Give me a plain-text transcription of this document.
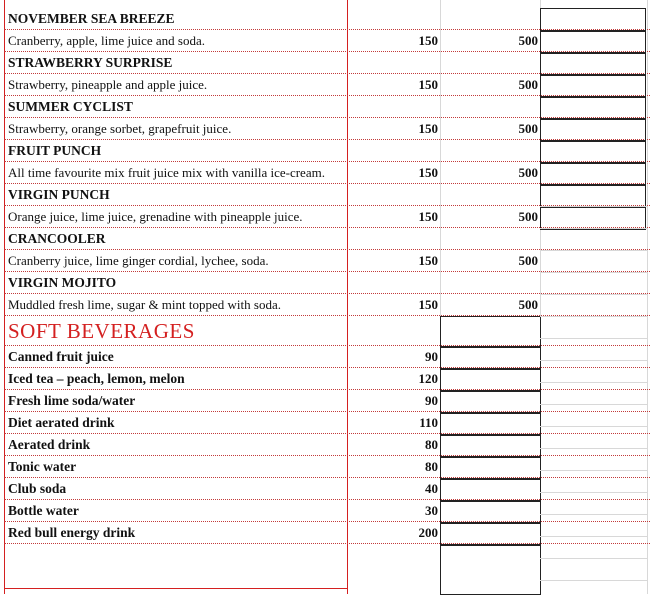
NOVEMBER SEA BREEZE
Cranberry, apple, lime juice and soda.	150	500
STRAWBERRY SURPRISE
Strawberry, pineapple and apple juice.	150	500
SUMMER CYCLIST
Strawberry, orange sorbet, grapefruit juice.	150	500
FRUIT PUNCH
All time favourite mix fruit juice mix with vanilla ice-cream.	150	500
VIRGIN PUNCH
Orange juice, lime juice, grenadine with pineapple juice.	150	500
CRANCOOLER
Cranberry juice, lime ginger cordial, lychee, soda.	150	500
VIRGIN MOJITO
Muddled fresh lime, sugar & mint topped with soda.	150	500
SOFT BEVERAGES
Canned fruit juice	90
Iced tea – peach, lemon, melon	120
Fresh lime soda/water	90
Diet aerated drink	110
Aerated drink	80
Tonic water	80
Club soda	40
Bottle water	30
Red bull energy drink	200
